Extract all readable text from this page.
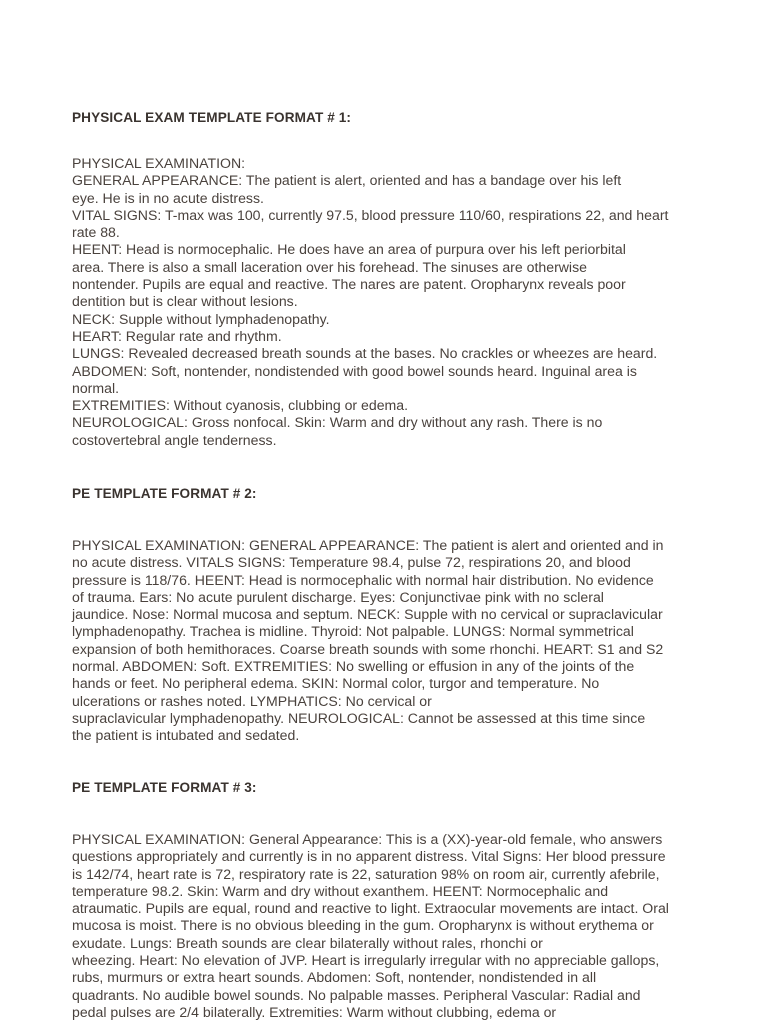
PHYSICAL EXAM TEMPLATE FORMAT # 1:
PHYSICAL EXAMINATION:
GENERAL APPEARANCE: The patient is alert, oriented and has a bandage over his left
eye. He is in no acute distress.
VITAL SIGNS: T-max was 100, currently 97.5, blood pressure 110/60, respirations 22, and heart
rate 88.
HEENT: Head is normocephalic. He does have an area of purpura over his left periorbital
area. There is also a small laceration over his forehead. The sinuses are otherwise
nontender. Pupils are equal and reactive. The nares are patent. Oropharynx reveals poor
dentition but is clear without lesions.
NECK: Supple without lymphadenopathy.
HEART: Regular rate and rhythm.
LUNGS: Revealed decreased breath sounds at the bases. No crackles or wheezes are heard.
ABDOMEN: Soft, nontender, nondistended with good bowel sounds heard. Inguinal area is
normal.
EXTREMITIES: Without cyanosis, clubbing or edema.
NEUROLOGICAL: Gross nonfocal. Skin: Warm and dry without any rash. There is no
costovertebral angle tenderness.
PE TEMPLATE FORMAT # 2:
PHYSICAL EXAMINATION: GENERAL APPEARANCE: The patient is alert and oriented and in
no acute distress. VITALS SIGNS: Temperature 98.4, pulse 72, respirations 20, and blood
pressure is 118/76. HEENT: Head is normocephalic with normal hair distribution. No evidence
of trauma. Ears: No acute purulent discharge. Eyes: Conjunctivae pink with no scleral
jaundice. Nose: Normal mucosa and septum. NECK: Supple with no cervical or supraclavicular
lymphadenopathy. Trachea is midline. Thyroid: Not palpable. LUNGS: Normal symmetrical
expansion of both hemithoraces. Coarse breath sounds with some rhonchi. HEART: S1 and S2
normal. ABDOMEN: Soft. EXTREMITIES: No swelling or effusion in any of the joints of the
hands or feet. No peripheral edema. SKIN: Normal color, turgor and temperature. No
ulcerations or rashes noted. LYMPHATICS: No cervical or
supraclavicular lymphadenopathy. NEUROLOGICAL: Cannot be assessed at this time since
the patient is intubated and sedated.
PE TEMPLATE FORMAT # 3:
PHYSICAL EXAMINATION: General Appearance: This is a (XX)-year-old female, who answers
questions appropriately and currently is in no apparent distress. Vital Signs: Her blood pressure
is 142/74, heart rate is 72, respiratory rate is 22, saturation 98% on room air, currently afebrile,
temperature 98.2. Skin: Warm and dry without exanthem. HEENT: Normocephalic and
atraumatic. Pupils are equal, round and reactive to light. Extraocular movements are intact. Oral
mucosa is moist. There is no obvious bleeding in the gum. Oropharynx is without erythema or
exudate. Lungs: Breath sounds are clear bilaterally without rales, rhonchi or
wheezing. Heart: No elevation of JVP. Heart is irregularly irregular with no appreciable gallops,
rubs, murmurs or extra heart sounds. Abdomen: Soft, nontender, nondistended in all
quadrants. No audible bowel sounds. No palpable masses. Peripheral Vascular: Radial and
pedal pulses are 2/4 bilaterally. Extremities: Warm without clubbing, edema or
